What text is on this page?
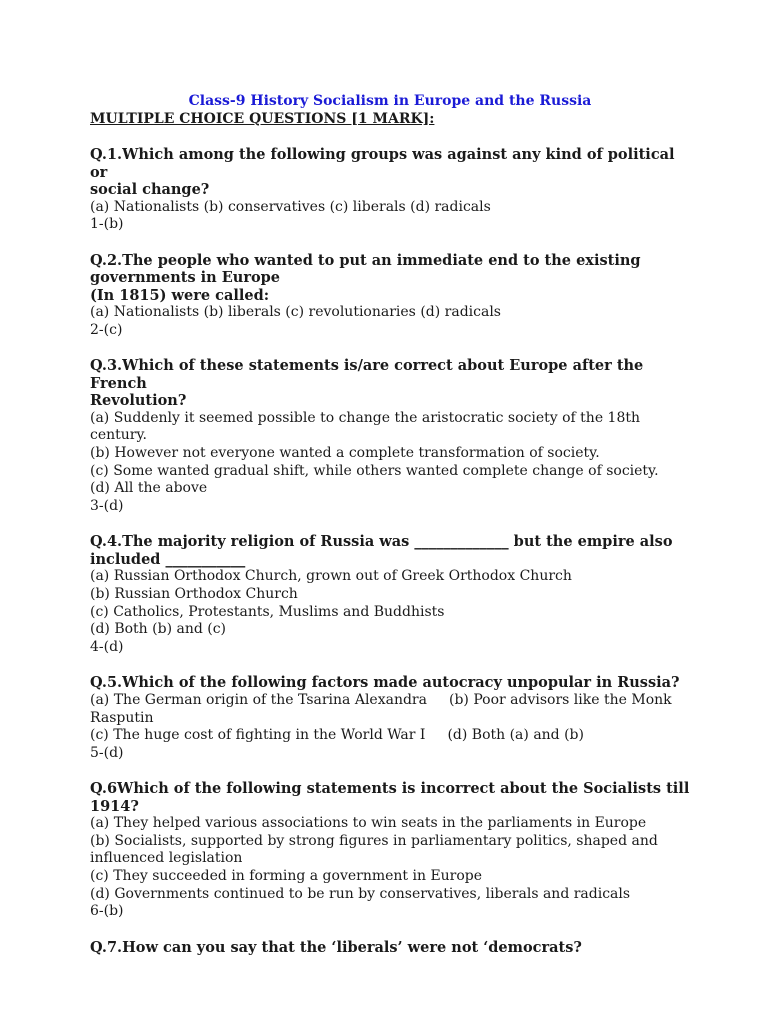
Class-9 History Socialism in Europe and the Russia
MULTIPLE CHOICE QUESTIONS [1 MARK]:
Q.1.Which among the following groups was against any kind of political or
social change?
(a) Nationalists (b) conservatives (c) liberals (d) radicals
1-(b)
Q.2.The people who wanted to put an immediate end to the existing
governments in Europe
(In 1815) were called:
(a) Nationalists (b) liberals (c) revolutionaries (d) radicals
2-(c)
Q.3.Which of these statements is/are correct about Europe after the French
Revolution?
(a) Suddenly it seemed possible to change the aristocratic society of the 18th century.
(b) However not everyone wanted a complete transformation of society.
(c) Some wanted gradual shift, while others wanted complete change of society.
(d) All the above
3-(d)
Q.4.The majority religion of Russia was _____________ but the empire also
included ___________
(a) Russian Orthodox Church, grown out of Greek Orthodox Church
(b) Russian Orthodox Church
(c) Catholics, Protestants, Muslims and Buddhists
(d) Both (b) and (c)
4-(d)
Q.5.Which of the following factors made autocracy unpopular in Russia?
(a) The German origin of the Tsarina Alexandra (b) Poor advisors like the Monk
Rasputin
(c) The huge cost of fighting in the World War I (d) Both (a) and (b)
5-(d)
Q.6Which of the following statements is incorrect about the Socialists till
1914?
(a) They helped various associations to win seats in the parliaments in Europe
(b) Socialists, supported by strong figures in parliamentary politics, shaped and
influenced legislation
(c) They succeeded in forming a government in Europe
(d) Governments continued to be run by conservatives, liberals and radicals
6-(b)
Q.7.How can you say that the ‘liberals’ were not ‘democrats?
